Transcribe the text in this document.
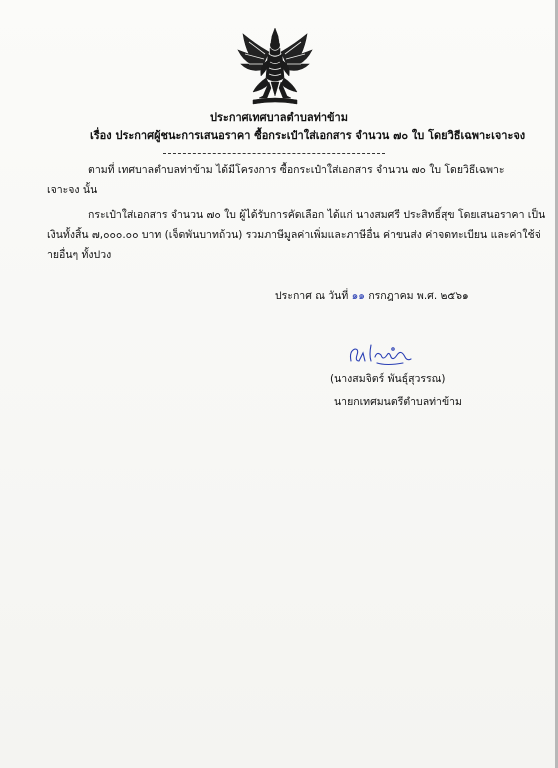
ประกาศเทศบาลตำบลท่าข้าม
เรื่อง ประกาศผู้ชนะการเสนอราคา ซื้อกระเป๋าใส่เอกสาร จำนวน ๗๐ ใบ โดยวิธีเฉพาะเจาะจง
ตามที่ เทศบาลตำบลท่าข้าม ได้มีโครงการ ซื้อกระเป๋าใส่เอกสาร จำนวน ๗๐ ใบ โดยวิธีเฉพาะ
เจาะจง นั้น
กระเป๋าใส่เอกสาร จำนวน ๗๐ ใบ ผู้ได้รับการคัดเลือก ได้แก่ นางสมศรี ประสิทธิ์สุข โดยเสนอราคา เป็น
เงินทั้งสิ้น ๗,๐๐๐.๐๐ บาท (เจ็ดพันบาทถ้วน) รวมภาษีมูลค่าเพิ่มและภาษีอื่น ค่าขนส่ง ค่าจดทะเบียน และค่าใช้จ่
ายอื่นๆ ทั้งปวง
ประกาศ ณ วันที่ ๑๑ กรกฎาคม พ.ศ. ๒๕๖๑
(นางสมจิตร์ พันธุ์สุวรรณ)
นายกเทศมนตรีตำบลท่าข้าม
